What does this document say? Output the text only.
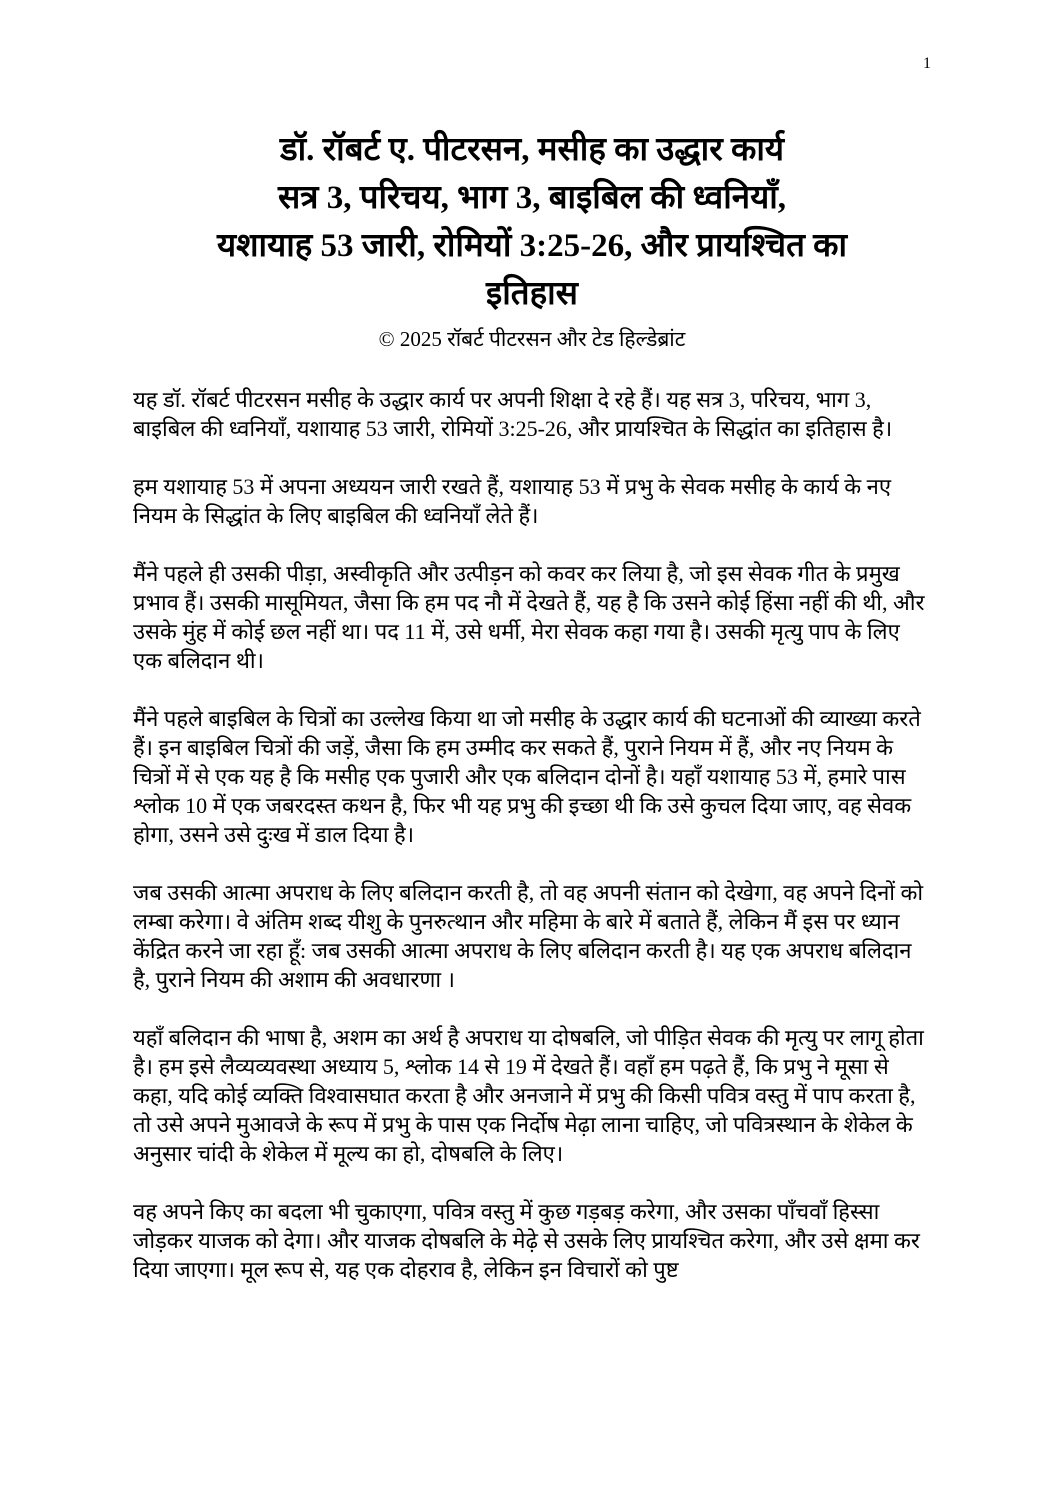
1
डॉ. रॉबर्ट ए. पीटरसन, मसीह का उद्धार कार्य
सत्र 3, परिचय, भाग 3, बाइबिल की ध्वनियाँ,
यशायाह 53 जारी, रोमियों 3:25-26, और प्रायश्चित का
इतिहास
© 2025 रॉबर्ट पीटरसन और टेड हिल्डेब्रांट

यह डॉ. रॉबर्ट पीटरसन मसीह के उद्धार कार्य पर अपनी शिक्षा दे रहे हैं। यह सत्र 3, परिचय, भाग 3, बाइबिल की ध्वनियाँ, यशायाह 53 जारी, रोमियों 3:25-26, और प्रायश्चित के सिद्धांत का इतिहास है।

हम यशायाह 53 में अपना अध्ययन जारी रखते हैं, यशायाह 53 में प्रभु के सेवक मसीह के कार्य के नए नियम के सिद्धांत के लिए बाइबिल की ध्वनियाँ लेते हैं।

मैंने पहले ही उसकी पीड़ा, अस्वीकृति और उत्पीड़न को कवर कर लिया है, जो इस सेवक गीत के प्रमुख प्रभाव हैं। उसकी मासूमियत, जैसा कि हम पद नौ में देखते हैं, यह है कि उसने कोई हिंसा नहीं की थी, और उसके मुंह में कोई छल नहीं था। पद 11 में, उसे धर्मी, मेरा सेवक कहा गया है। उसकी मृत्यु पाप के लिए एक बलिदान थी।

मैंने पहले बाइबिल के चित्रों का उल्लेख किया था जो मसीह के उद्धार कार्य की घटनाओं की व्याख्या करते हैं। इन बाइबिल चित्रों की जड़ें, जैसा कि हम उम्मीद कर सकते हैं, पुराने नियम में हैं, और नए नियम के चित्रों में से एक यह है कि मसीह एक पुजारी और एक बलिदान दोनों है। यहाँ यशायाह 53 में, हमारे पास श्लोक 10 में एक जबरदस्त कथन है, फिर भी यह प्रभु की इच्छा थी कि उसे कुचल दिया जाए, वह सेवक होगा, उसने उसे दुःख में डाल दिया है।

जब उसकी आत्मा अपराध के लिए बलिदान करती है, तो वह अपनी संतान को देखेगा, वह अपने दिनों को लम्बा करेगा। वे अंतिम शब्द यीशु के पुनरुत्थान और महिमा के बारे में बताते हैं, लेकिन मैं इस पर ध्यान केंद्रित करने जा रहा हूँ: जब उसकी आत्मा अपराध के लिए बलिदान करती है। यह एक अपराध बलिदान है, पुराने नियम की अशाम की अवधारणा ।

यहाँ बलिदान की भाषा है, अशम का अर्थ है अपराध या दोषबलि, जो पीड़ित सेवक की मृत्यु पर लागू होता है। हम इसे लैव्यव्यवस्था अध्याय 5, श्लोक 14 से 19 में देखते हैं। वहाँ हम पढ़ते हैं, कि प्रभु ने मूसा से कहा, यदि कोई व्यक्ति विश्वासघात करता है और अनजाने में प्रभु की किसी पवित्र वस्तु में पाप करता है, तो उसे अपने मुआवजे के रूप में प्रभु के पास एक निर्दोष मेढ़ा लाना चाहिए, जो पवित्रस्थान के शेकेल के अनुसार चांदी के शेकेल में मूल्य का हो, दोषबलि के लिए।

वह अपने किए का बदला भी चुकाएगा, पवित्र वस्तु में कुछ गड़बड़ करेगा, और उसका पाँचवाँ हिस्सा जोड़कर याजक को देगा। और याजक दोषबलि के मेढ़े से उसके लिए प्रायश्चित करेगा, और उसे क्षमा कर दिया जाएगा। मूल रूप से, यह एक दोहराव है, लेकिन इन विचारों को पुष्ट
